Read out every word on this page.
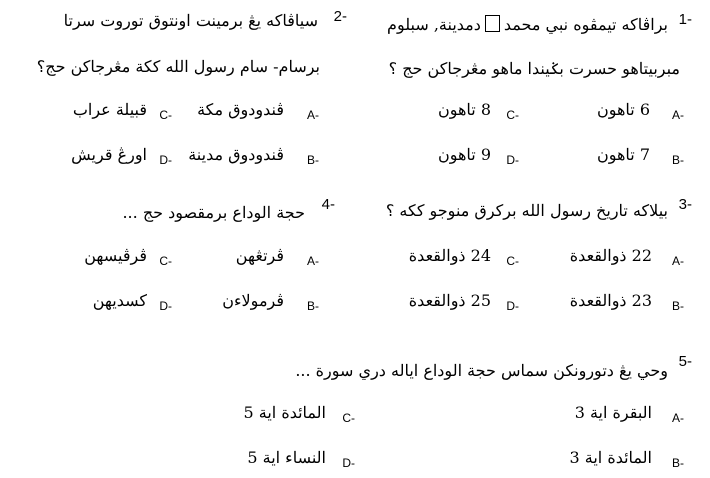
1-
براڤاکه تيمڤوه نبي محمددمدينة, سبلوم
مبربيتاهو حسرت بݢيندا ماهو مڠرجاکن حج ؟
A-
6 تاهون
B-
7 تاهون
C-
8 تاهون
D-
9 تاهون
2-
سياڤاکه يڠ برمينت اونتوق توروت سرتا
برسام- سام رسول الله ککة مڠرجاکن حج؟
A-
ڤندودوق مکة
B-
ڤندودوق مدينة
C-
قبيلة عراب
D-
اورڠ قريش
3-
بيلاکه تاريخ رسول الله برکرق منوجو ککه ؟
A-
22 ذوالقعدة
B-
23 ذوالقعدة
C-
24 ذوالقعدة
D-
25 ذوالقعدة
4-
حجة الوداع برمقصود حج ...
A-
ڤرتڠهن
B-
ڤرمولاءن
C-
ڤرڤيسهن
D-
کسديهن
5-
وحي يڠ دتورونکن سماس حجة الوداع اياله دري سورة ...
A-
البقرة اية 3
B-
المائدة اية 3
C-
المائدة اية 5
D-
النساء اية 5
